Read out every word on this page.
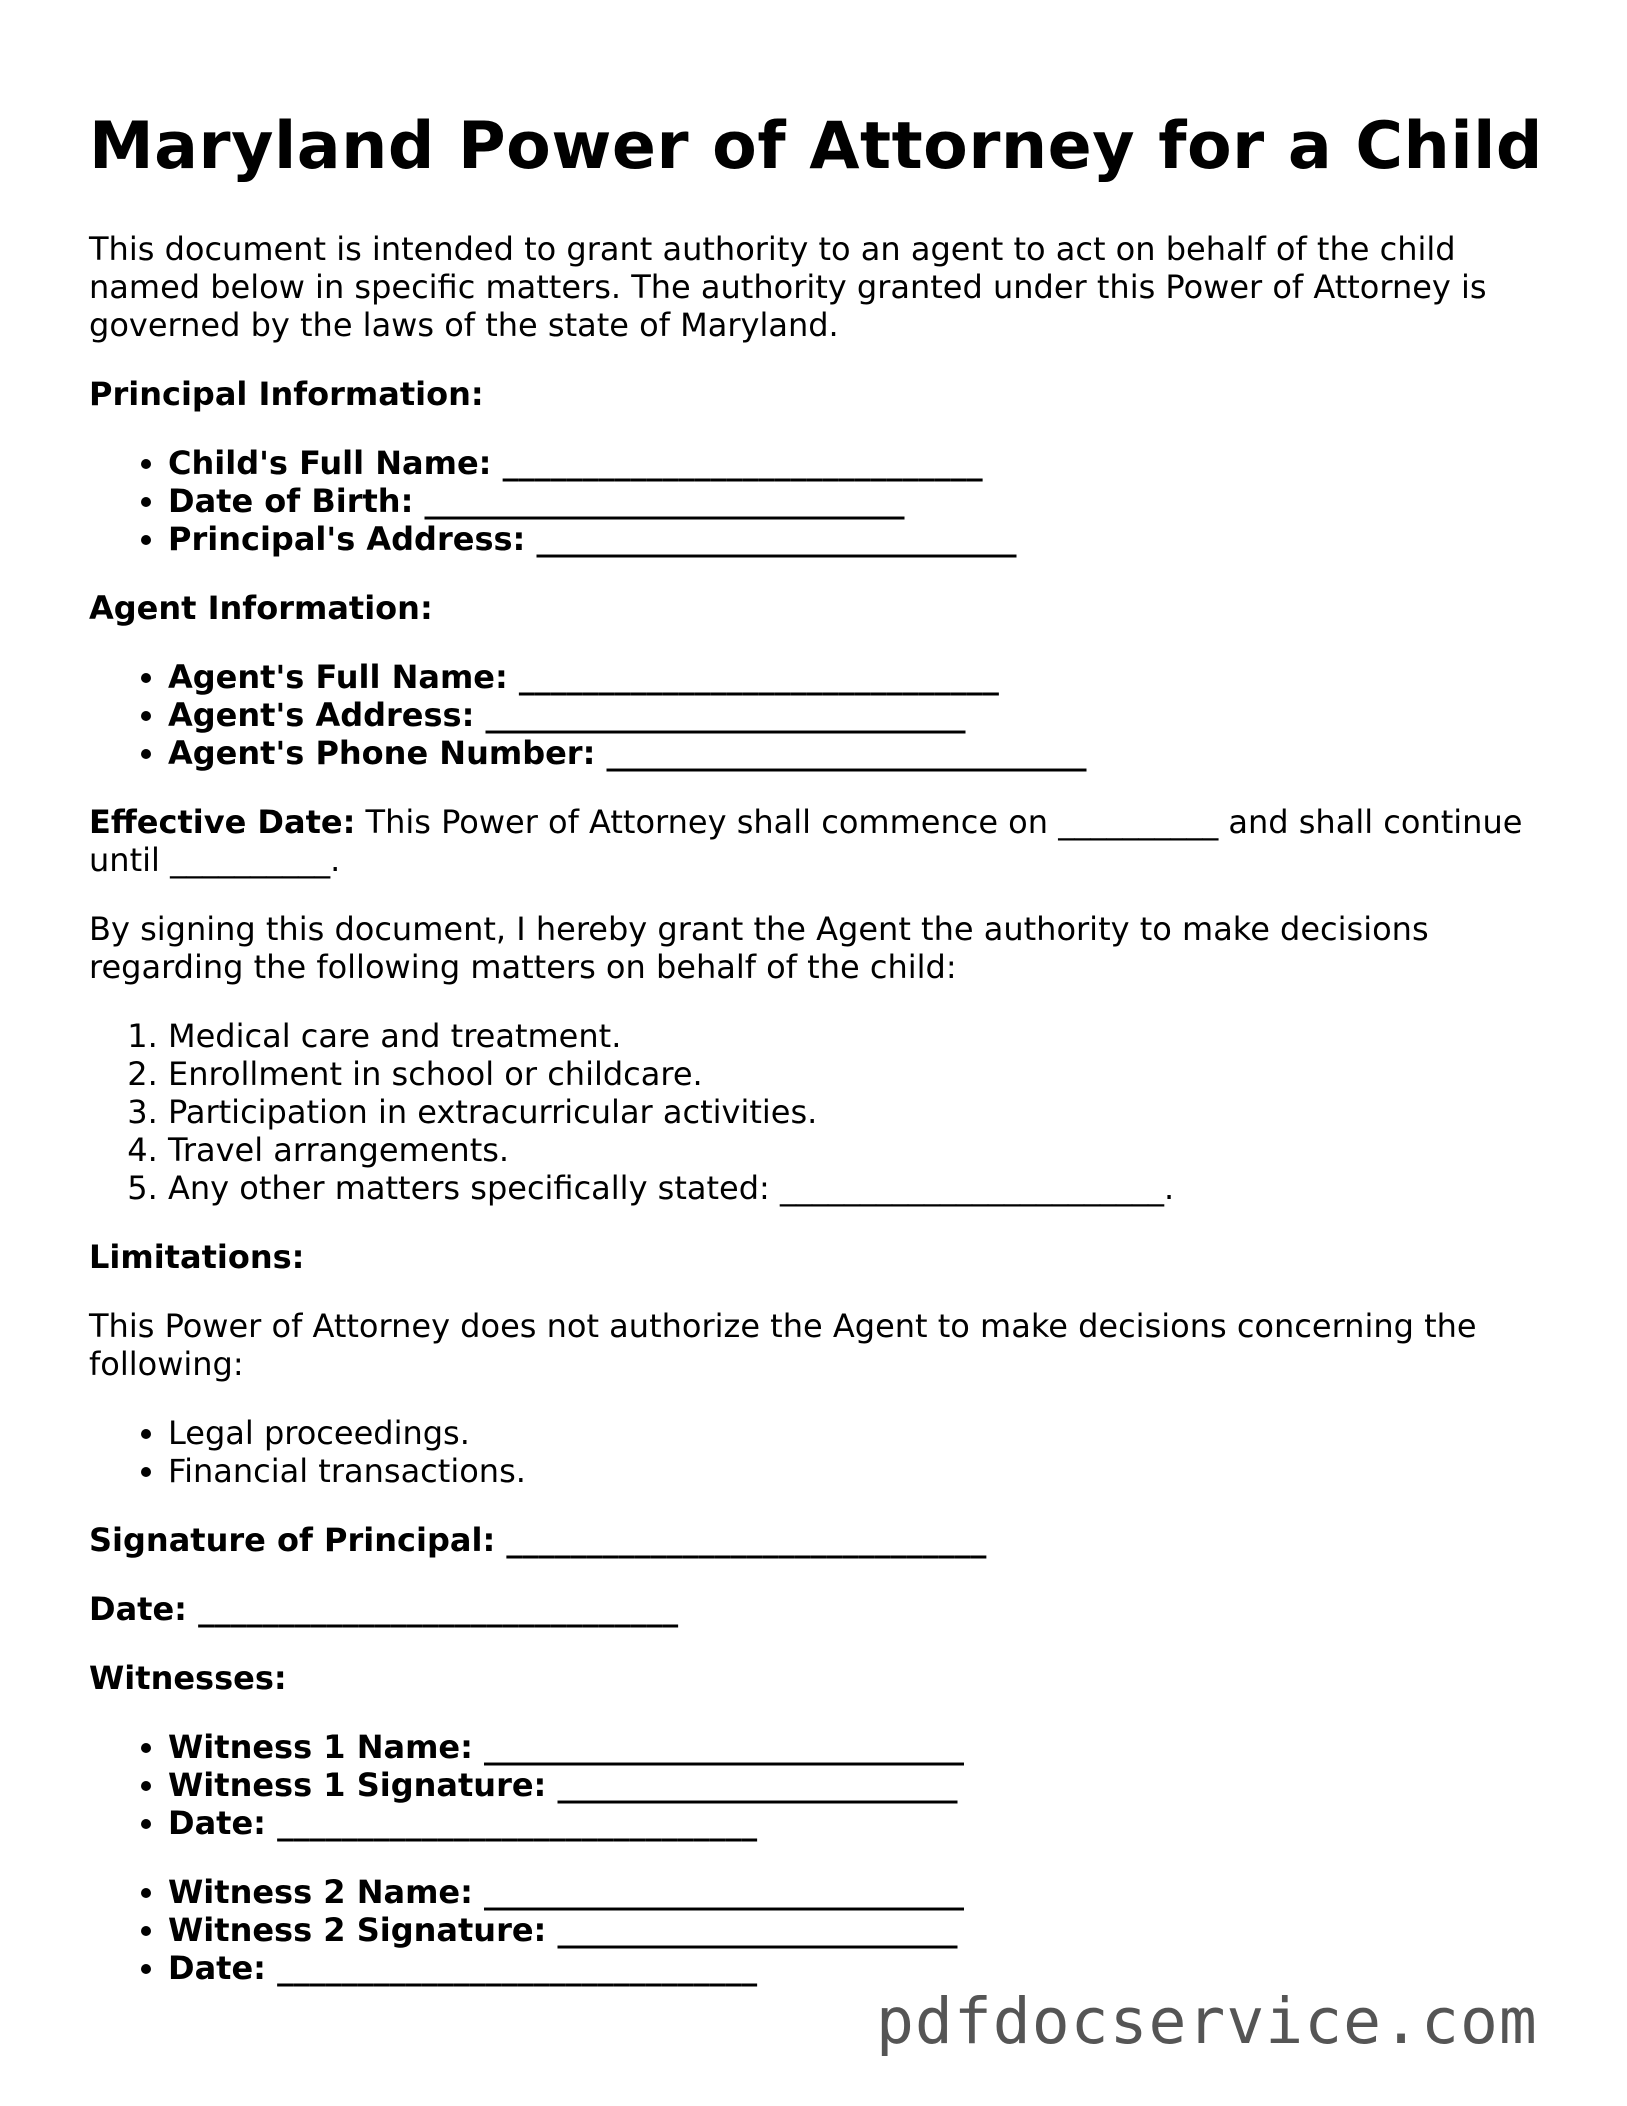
Maryland Power of Attorney for a Child

This document is intended to grant authority to an agent to act on behalf of the child named below in specific matters. The authority granted under this Power of Attorney is governed by the laws of the state of Maryland.

Principal Information:

• Child's Full Name: ______________________________
• Date of Birth: ______________________________
• Principal's Address: ______________________________

Agent Information:

• Agent's Full Name: ______________________________
• Agent's Address: ______________________________
• Agent's Phone Number: ______________________________

Effective Date: This Power of Attorney shall commence on __________ and shall continue until __________.

By signing this document, I hereby grant the Agent the authority to make decisions regarding the following matters on behalf of the child:

1. Medical care and treatment.
2. Enrollment in school or childcare.
3. Participation in extracurricular activities.
4. Travel arrangements.
5. Any other matters specifically stated: ________________________.

Limitations:

This Power of Attorney does not authorize the Agent to make decisions concerning the following:

• Legal proceedings.
• Financial transactions.

Signature of Principal: ______________________________

Date: ______________________________

Witnesses:

• Witness 1 Name: ______________________________
• Witness 1 Signature: _________________________
• Date: ______________________________
• Witness 2 Name: ______________________________
• Witness 2 Signature: _________________________
• Date: ______________________________
pdfdocservice.com
